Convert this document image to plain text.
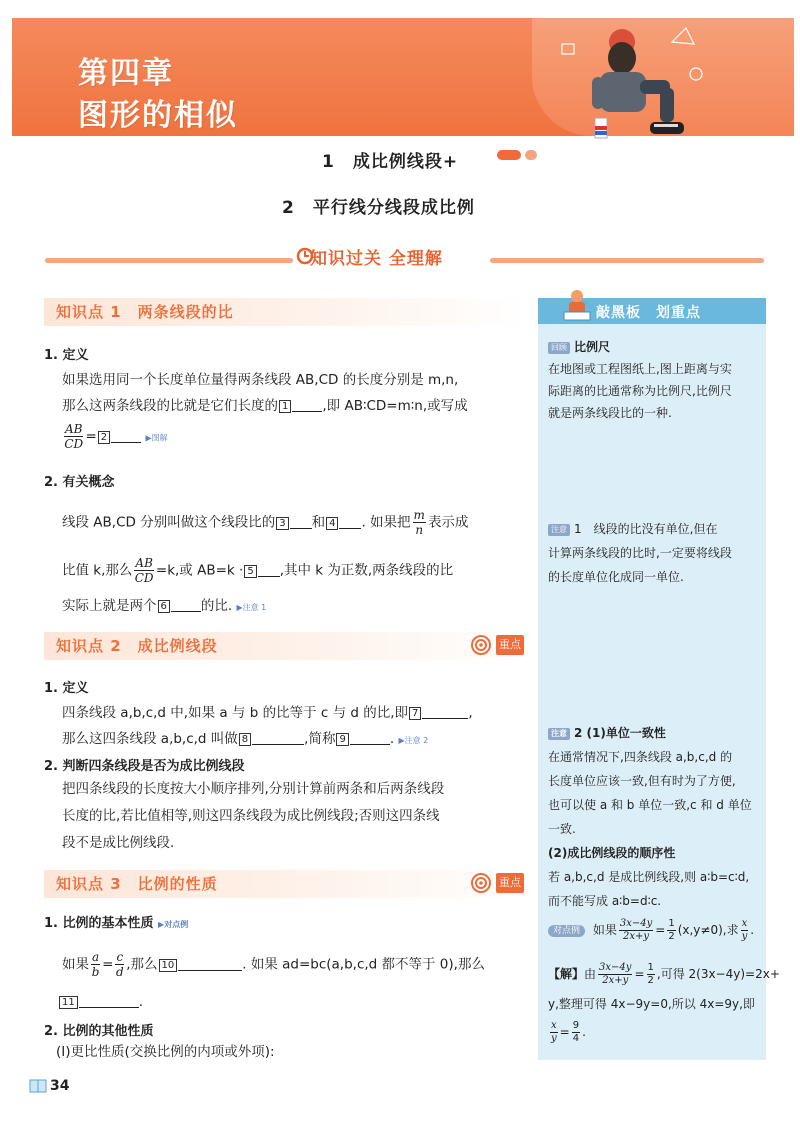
第四章
图形的相似
1　成比例线段+
2　平行线分线段成比例
知识过关 全理解
知识点 1　两条线段的比
1. 定义
如果选用同一个长度单位量得两条线段 AB,CD 的长度分别是 m,n,
那么这两条线段的比就是它们长度的 1	,即 AB∶CD=m∶n,或写成
$\frac{AB}{CD} = 2$	▶图解
2. 有关概念
线段 AB,CD 分别叫做这个线段比的 3 和 4 . 如果把 $\frac{m}{n}$ 表示成
比值 k,那么 $\frac{AB}{CD} =k$,或 AB=k · 5 ,其中 k 为正数,两条线段的比
实际上就是两个 6	的比. ▶注意 1
知识点 2　成比例线段	重点
1. 定义
四条线段 a,b,c,d 中,如果 a 与 b 的比等于 c 与 d 的比,即 7	,
那么这四条线段 a,b,c,d 叫做 8	,简称 9	. ▶注意 2
2. 判断四条线段是否为成比例线段
把四条线段的长度按大小顺序排列,分别计算前两条和后两条线段
长度的比,若比值相等,则这四条线段为成比例线段;否则这四条线
段不是成比例线段.
知识点 3　比例的性质	重点
1. 比例的基本性质 ▶对点例
如果 $\frac{a}{b} = \frac{c}{d}$ ,那么 10	. 如果 ad=bc(a,b,c,d 都不等于 0),那么
11	.
2. 比例的其他性质
(Ⅰ)更比性质(交换比例的内项或外项):
敲黑板　划重点
回顾 比例尺
在地图或工程图纸上,图上距离与实
际距离的比通常称为比例尺,比例尺
就是两条线段比的一种.
注意 1　线段的比没有单位,但在
计算两条线段的比时,一定要将线段
的长度单位化成同一单位.
注意 2 (1)单位一致性
在通常情况下,四条线段 a,b,c,d 的
长度单位应该一致,但有时为了方便,
也可以使 a 和 b 单位一致,c 和 d 单位
一致.
(2)成比例线段的顺序性
若 a,b,c,d 是成比例线段,则 a∶b=c∶d,
而不能写成 a∶b=d∶c.
对点例 如果 $\frac{3x-4y}{2x+y} = \frac{1}{2} (x,y\ne 0)$,求 $\frac{x}{y}$ .
【解】由 $\frac{3x-4y}{2x+y} = \frac{1}{2}$ ,可得 2(3x−4y)=2x+
y,整理可得 4x−9y=0,所以 4x=9y,即
$\frac{x}{y} = \frac{9}{4}$ .
34
